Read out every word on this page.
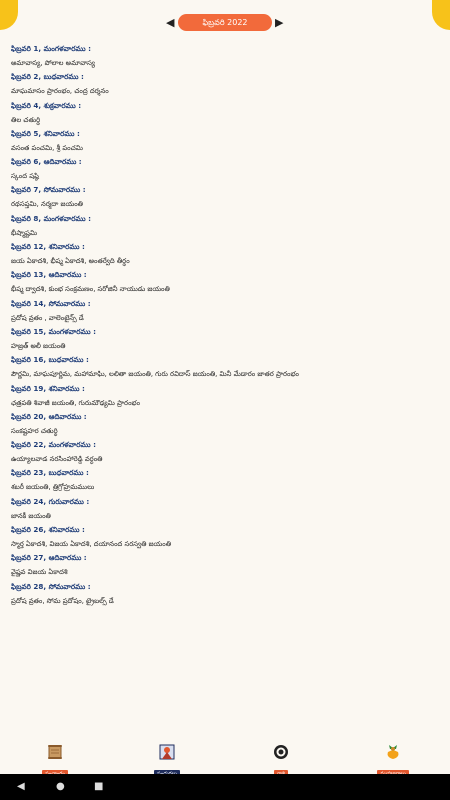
◀	ఫిబ్రవరి 2022	▶
ఫిబ్రవరి 1, మంగళవారము :
అమావాస్య, పోలాల అమావాస్య
ఫిబ్రవరి 2, బుధవారము :
మాఘమాసం ప్రారంభం, చంద్ర దర్శనం
ఫిబ్రవరి 4, శుక్రవారము :
తిల చతుర్థి
ఫిబ్రవరి 5, శనివారము :
వసంత పంచమి, శ్రీ పంచమి
ఫిబ్రవరి 6, ఆదివారము :
స్కంద షష్ఠి
ఫిబ్రవరి 7, సోమవారము :
రథసప్తమి, నర్మదా జయంతి
ఫిబ్రవరి 8, మంగళవారము :
భీష్మాష్టమి
ఫిబ్రవరి 12, శనివారము :
జయ ఏకాదశి, భీష్మ ఏకాదశి, అంతర్వేది తీర్థం
ఫిబ్రవరి 13, ఆదివారము :
భీష్మ ద్వాదశి, కుంభ సంక్రమణం, సరోజినీ నాయుడు జయంతి
ఫిబ్రవరి 14, సోమవారము :
ప్రదోష వ్రతం , వాలెంటైన్స్ డే
ఫిబ్రవరి 15, మంగళవారము :
హజ్రత్ అలీ జయంతి
ఫిబ్రవరి 16, బుధవారము :
పౌర్ణమి, మాఘపూర్ణిమ, మహామాఘి, లలితా జయంతి, గురు రవిదాస్ జయంతి, మినీ మేడారం జాతర ప్రారంభం
ఫిబ్రవరి 19, శనివారము :
ఛత్రపతి శివాజీ జయంతి, గురుమౌఢ్యమి ప్రారంభం
ఫిబ్రవరి 20, ఆదివారము :
సంకష్టహర చతుర్థి
ఫిబ్రవరి 22, మంగళవారము :
ఉయ్యాలవాడ నరసింహారెడ్డి వర్ధంతి
ఫిబ్రవరి 23, బుధవారము :
శబరీ జయంతి, త్రిగ్రోహ్రమములు
ఫిబ్రవరి 24, గురువారము :
జానకీ జయంతి
ఫిబ్రవరి 26, శనివారము :
స్మార్త ఏకాదశి, విజయ ఏకాదశి, దయానంద సరస్వతి జయంతి
ఫిబ్రవరి 27, ఆదివారము :
వైష్ణవ విజయ ఏకాదశి
ఫిబ్రవరి 28, సోమవారము :
ప్రదోష వ్రతం, సోమ ప్రదోషం, ట్రైబల్స్ డే
◀	●	■
